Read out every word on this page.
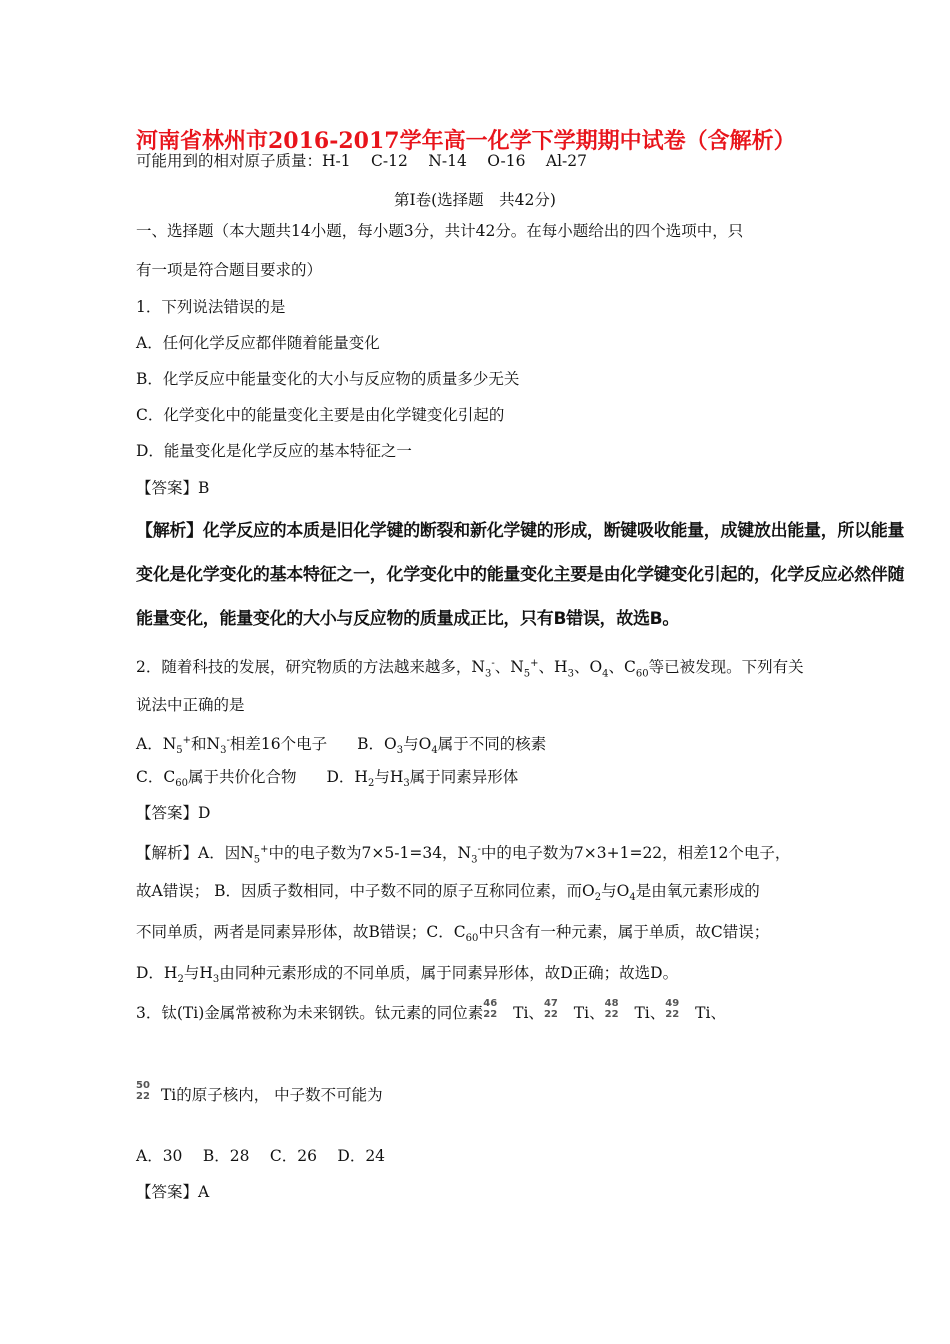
河南省林州市2016-2017学年高一化学下学期期中试卷（含解析）
可能用到的相对原子质量：H-1　 C-12　 N-14　 O-16　 Al-27
第Ⅰ卷(选择题　共42分)
一、选择题（本大题共14小题，每小题3分，共计42分。在每小题给出的四个选项中，只
有一项是符合题目要求的）
1．下列说法错误的是
A．任何化学反应都伴随着能量变化
B．化学反应中能量变化的大小与反应物的质量多少无关
C．化学变化中的能量变化主要是由化学键变化引起的
D．能量变化是化学反应的基本特征之一
【答案】B
【解析】化学反应的本质是旧化学键的断裂和新化学键的形成，断键吸收能量，成键放出能量，所以能量
变化是化学变化的基本特征之一，化学变化中的能量变化主要是由化学键变化引起的，化学反应必然伴随
能量变化，能量变化的大小与反应物的质量成正比，只有B错误，故选B。
2．随着科技的发展，研究物质的方法越来越多，$N_3^-$、$N_5^+$、$H_3$、$O_4$、$C_{60}$等已被发现。下列有关
说法中正确的是
A．$N_5^+$和$N_3^-$相差16个电子 B．$O_3$与$O_4$属于不同的核素
C．$C_{60}$属于共价化合物 D．$H_2$与$H_3$属于同素异形体
【答案】D
【解析】A．因$N_5^+$中的电子数为7×5-1=34，$N_3^-$中的电子数为7×3+1=22，相差12个电子，
故A错误； B．因质子数相同，中子数不同的原子互称同位素，而$O_2$与$O_4$是由氧元素形成的
不同单质，两者是同素异形体，故B错误；C．$C_{60}$中只含有一种元素，属于单质，故C错误；
D．$H_2$与$H_3$由同种元素形成的不同单质，属于同素异形体，故D正确；故选D。
3．钛(Ti)金属常被称为未来钢铁。钛元素的同位素
46
22 Ti、
47
22 Ti、
48
22 Ti、
49
22 Ti、
50
22 Ti的原子核内， 中子数不可能为
A．30　 B．28　 C．26　 D．24
【答案】A
